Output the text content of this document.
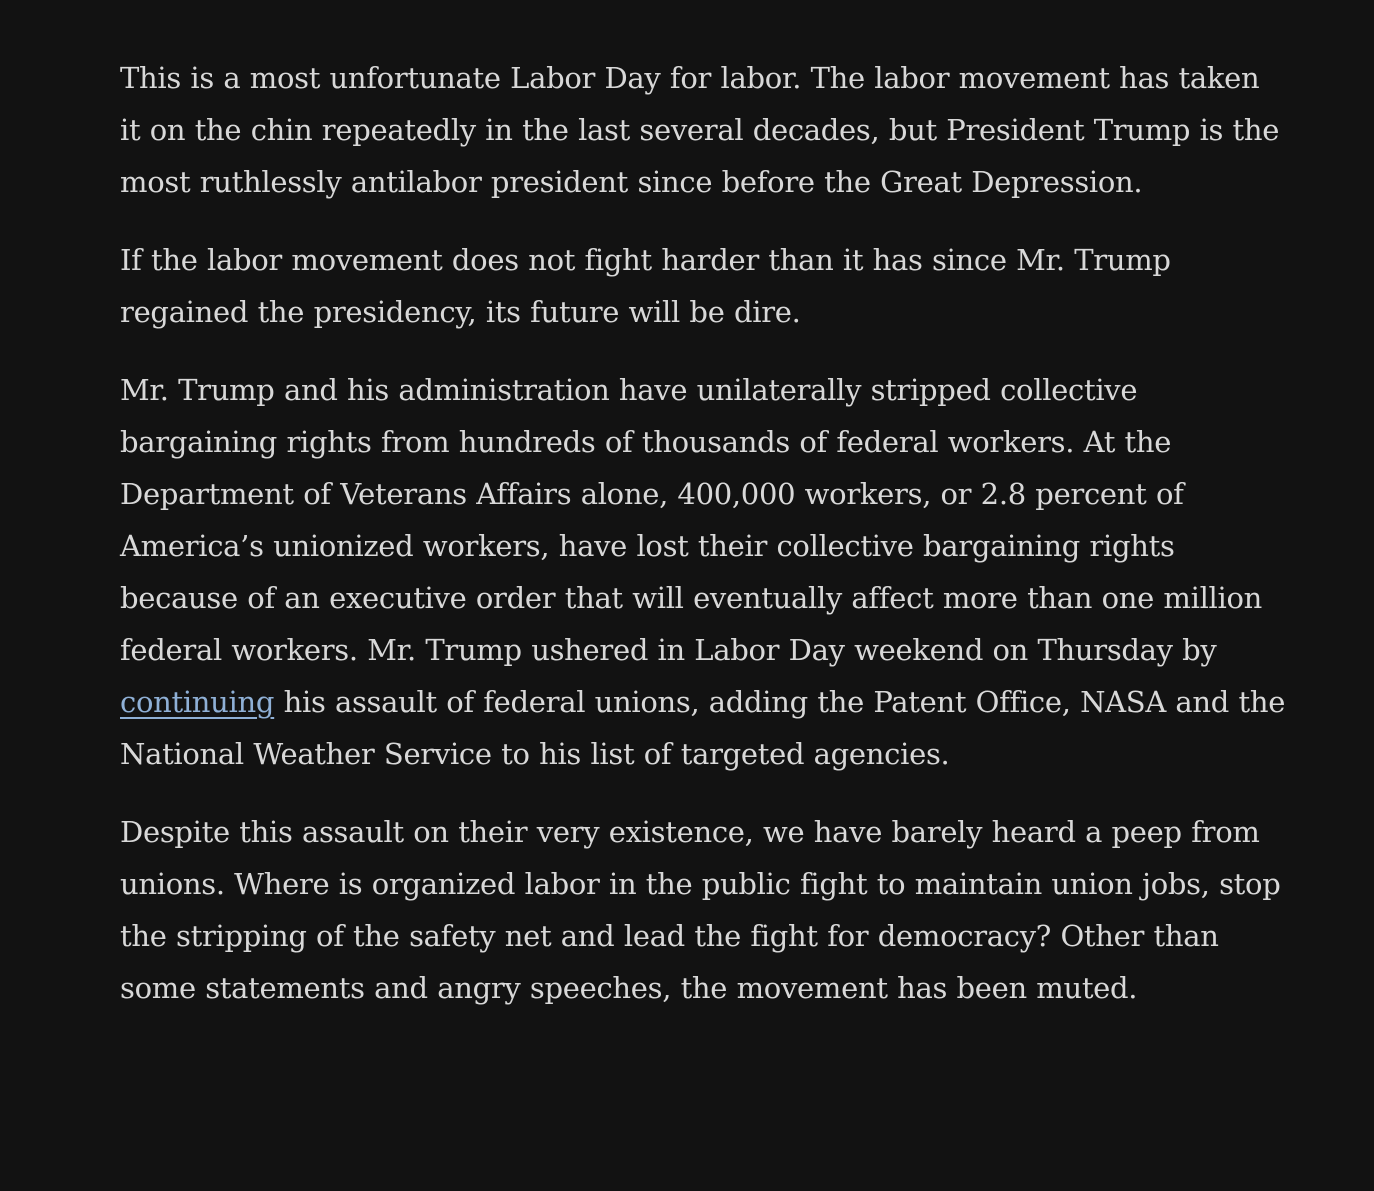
This is a most unfortunate Labor Day for labor. The labor movement has taken it on the chin repeatedly in the last several decades, but President Trump is the most ruthlessly antilabor president since before the Great Depression.

If the labor movement does not fight harder than it has since Mr. Trump regained the presidency, its future will be dire.

Mr. Trump and his administration have unilaterally stripped collective bargaining rights from hundreds of thousands of federal workers. At the Department of Veterans Affairs alone, 400,000 workers, or 2.8 percent of America’s unionized workers, have lost their collective bargaining rights because of an executive order that will eventually affect more than one million federal workers. Mr. Trump ushered in Labor Day weekend on Thursday by continuing his assault of federal unions, adding the Patent Office, NASA and the National Weather Service to his list of targeted agencies.

Despite this assault on their very existence, we have barely heard a peep from unions. Where is organized labor in the public fight to maintain union jobs, stop the stripping of the safety net and lead the fight for democracy? Other than some statements and angry speeches, the movement has been muted.
